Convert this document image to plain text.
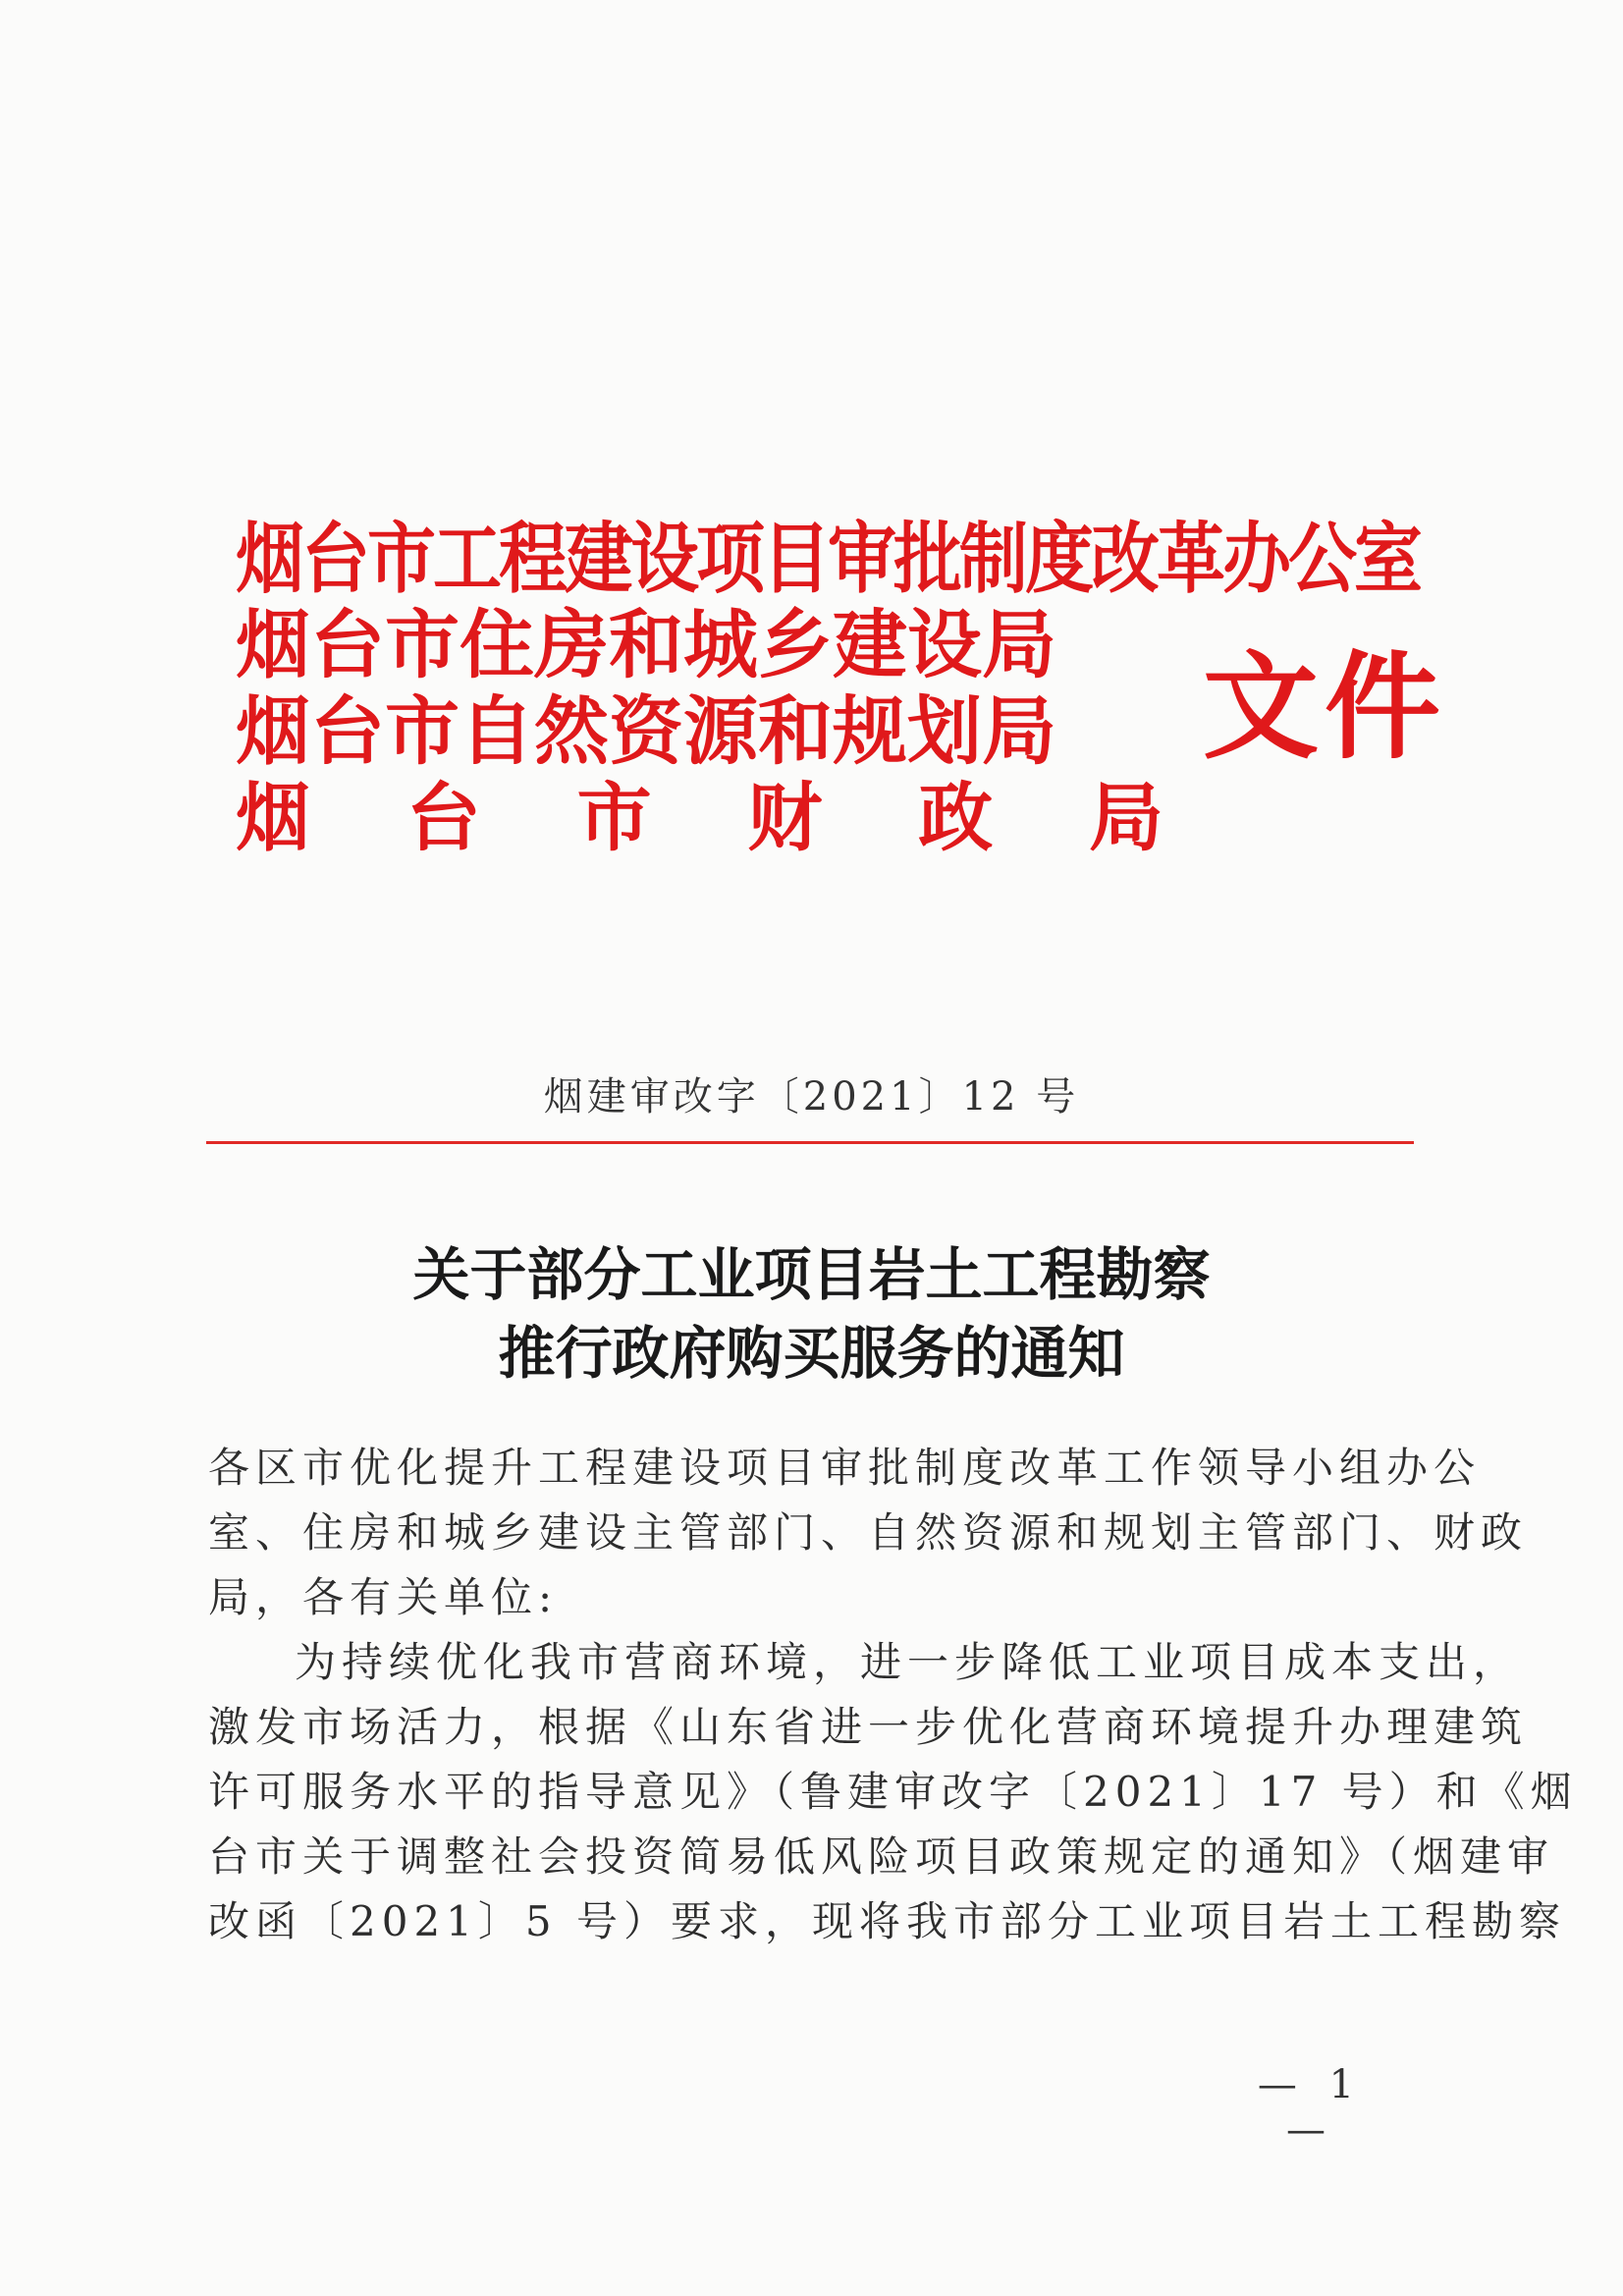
烟台市工程建设项目审批制度改革办公室
烟台市住房和城乡建设局
烟台市自然资源和规划局
烟 台 市 财 政 局
文件
烟建审改字〔2021〕12 号
关于部分工业项目岩土工程勘察
推行政府购买服务的通知
各区市优化提升工程建设项目审批制度改革工作领导小组办公
室、住房和城乡建设主管部门、自然资源和规划主管部门、财政
局，各有关单位:
为持续优化我市营商环境，进一步降低工业项目成本支出，
激发市场活力，根据《山东省进一步优化营商环境提升办理建筑
许可服务水平的指导意见》（鲁建审改字〔2021〕17 号）和《烟
台市关于调整社会投资简易低风险项目政策规定的通知》（烟建审
改函〔2021〕5 号）要求，现将我市部分工业项目岩土工程勘察
— 1 —
